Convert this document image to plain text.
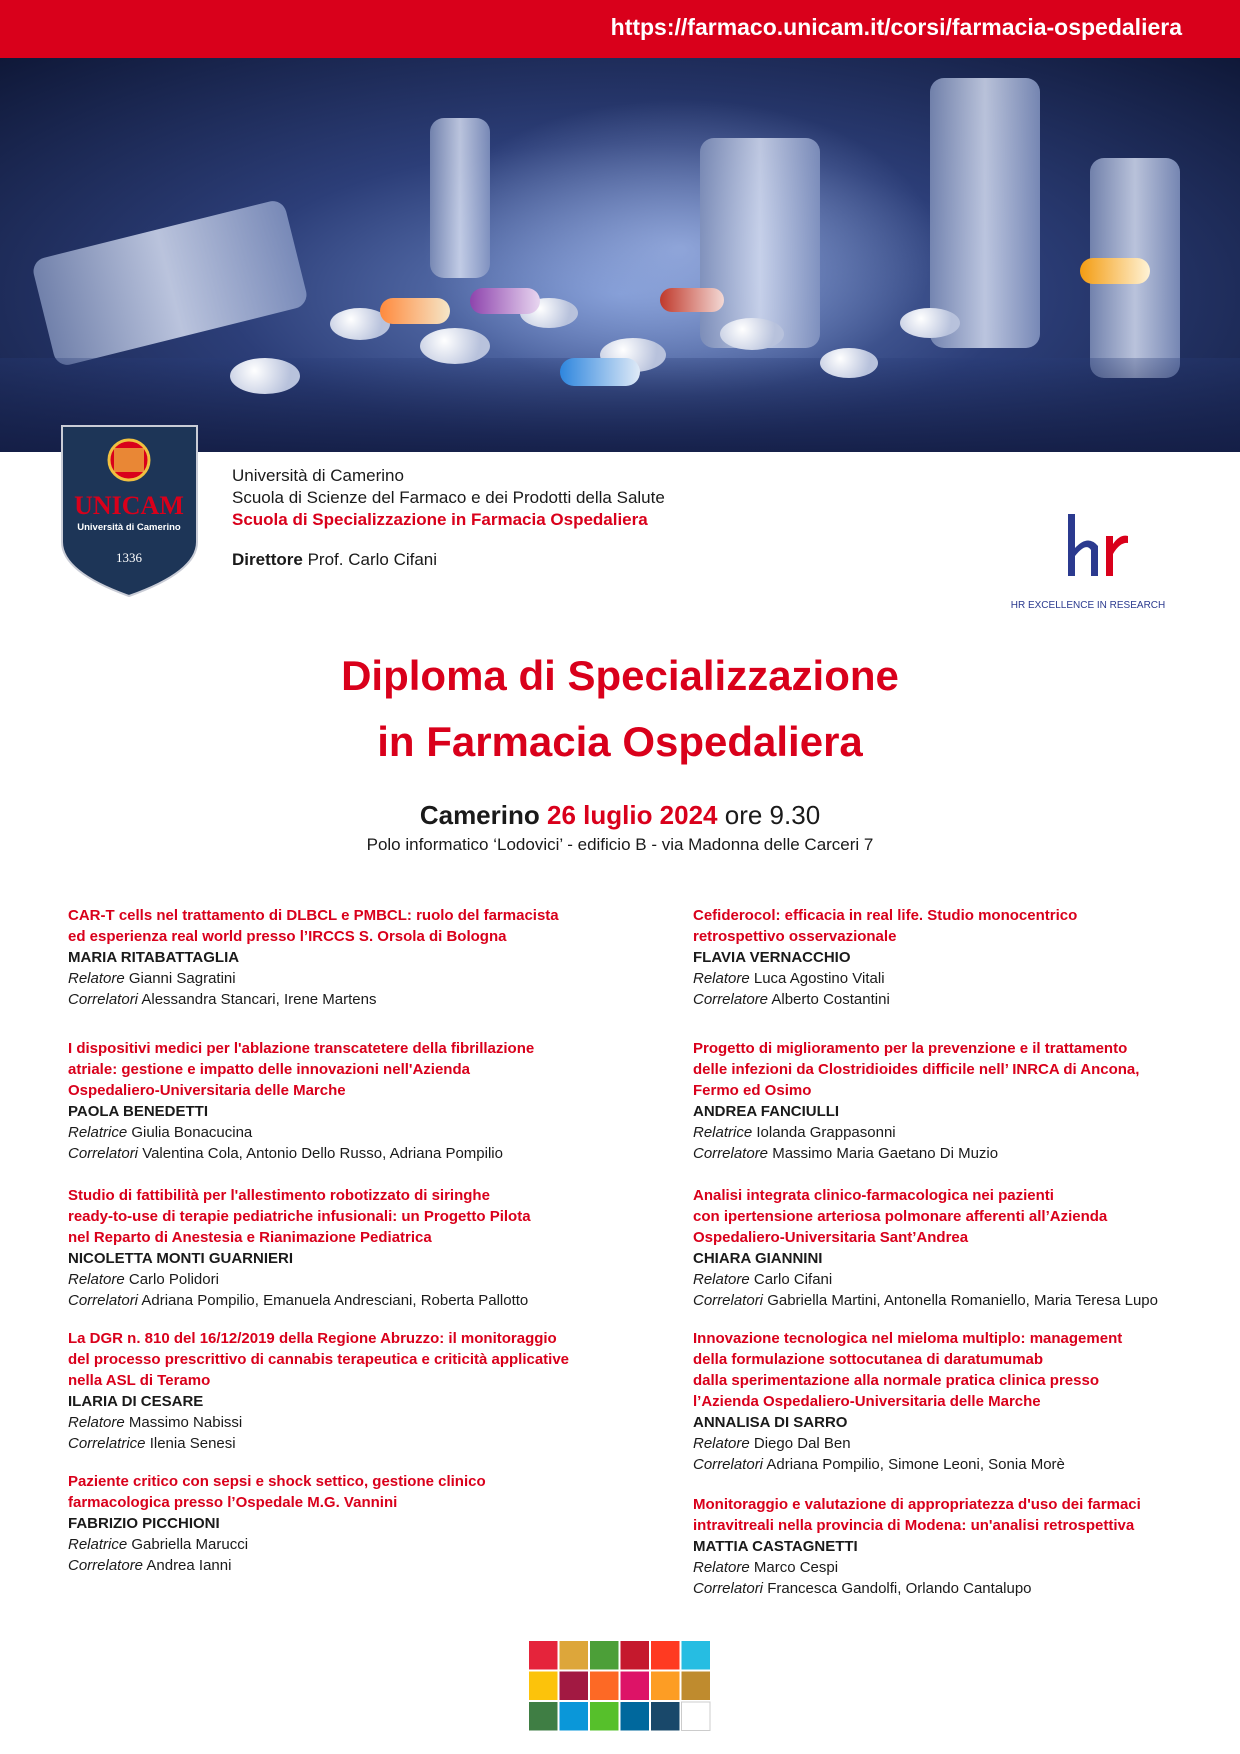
https://farmaco.unicam.it/corsi/farmacia-ospedaliera
UNICAM
Università di Camerino
1336
Università di Camerino
Scuola di Scienze del Farmaco e dei Prodotti della Salute
Scuola di Specializzazione in Farmacia Ospedaliera
Direttore Prof. Carlo Cifani
HR EXCELLENCE IN RESEARCH
Diploma di Specializzazione
in Farmacia Ospedaliera
Camerino 26 luglio 2024 ore 9.30
Polo informatico ‘Lodovici’ - edificio B - via Madonna delle Carceri 7
CAR-T cells nel trattamento di DLBCL e PMBCL: ruolo del farmacista
ed esperienza real world presso l’IRCCS S. Orsola di Bologna
MARIA RITABATTAGLIA
Relatore Gianni Sagratini
Correlatori Alessandra Stancari, Irene Martens
I dispositivi medici per l'ablazione transcatetere della fibrillazione
atriale: gestione e impatto delle innovazioni nell'Azienda
Ospedaliero-Universitaria delle Marche
PAOLA BENEDETTI
Relatrice Giulia Bonacucina
Correlatori Valentina Cola, Antonio Dello Russo, Adriana Pompilio
Studio di fattibilità per l'allestimento robotizzato di siringhe
ready-to-use di terapie pediatriche infusionali: un Progetto Pilota
nel Reparto di Anestesia e Rianimazione Pediatrica
NICOLETTA MONTI GUARNIERI
Relatore Carlo Polidori
Correlatori Adriana Pompilio, Emanuela Andresciani, Roberta Pallotto
La DGR n. 810 del 16/12/2019 della Regione Abruzzo: il monitoraggio
del processo prescrittivo di cannabis terapeutica e criticità applicative
nella ASL di Teramo
ILARIA DI CESARE
Relatore Massimo Nabissi
Correlatrice Ilenia Senesi
Paziente critico con sepsi e shock settico, gestione clinico
farmacologica presso l’Ospedale M.G. Vannini
FABRIZIO PICCHIONI
Relatrice Gabriella Marucci
Correlatore Andrea Ianni
Cefiderocol: efficacia in real life. Studio monocentrico
retrospettivo osservazionale
FLAVIA VERNACCHIO
Relatore Luca Agostino Vitali
Correlatore Alberto Costantini
Progetto di miglioramento per la prevenzione e il trattamento
delle infezioni da Clostridioides difficile nell’ INRCA di Ancona,
Fermo ed Osimo
ANDREA FANCIULLI
Relatrice Iolanda Grappasonni
Correlatore Massimo Maria Gaetano Di Muzio
Analisi integrata clinico-farmacologica nei pazienti
con ipertensione arteriosa polmonare afferenti all’Azienda
Ospedaliero-Universitaria Sant’Andrea
CHIARA GIANNINI
Relatore Carlo Cifani
Correlatori Gabriella Martini, Antonella Romaniello, Maria Teresa Lupo
Innovazione tecnologica nel mieloma multiplo: management
della formulazione sottocutanea di daratumumab
dalla sperimentazione alla normale pratica clinica presso
l’Azienda Ospedaliero-Universitaria delle Marche
ANNALISA DI SARRO
Relatore Diego Dal Ben
Correlatori Adriana Pompilio, Simone Leoni, Sonia Morè
Monitoraggio e valutazione di appropriatezza d'uso dei farmaci
intravitreali nella provincia di Modena: un'analisi retrospettiva
MATTIA CASTAGNETTI
Relatore Marco Cespi
Correlatori Francesca Gandolfi, Orlando Cantalupo
